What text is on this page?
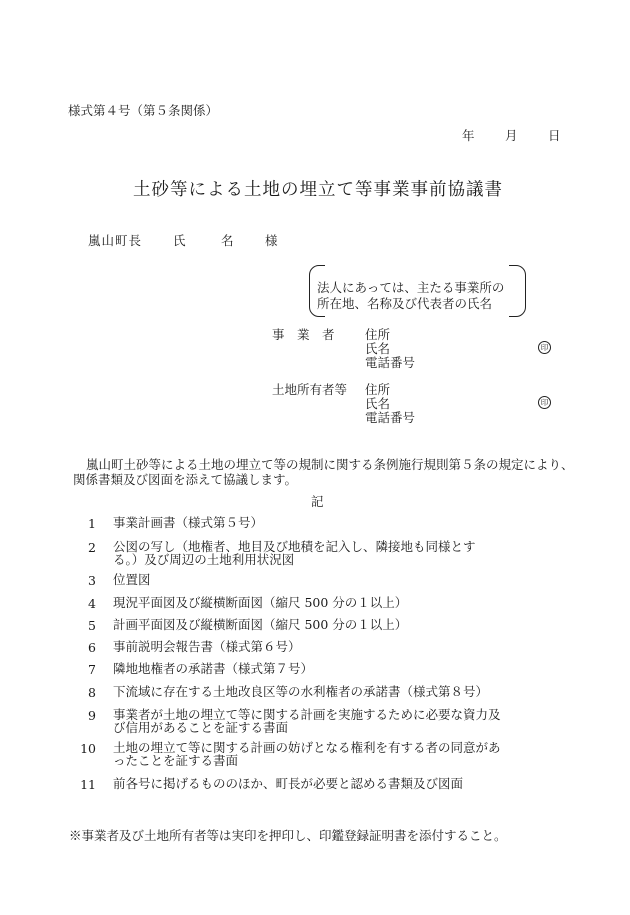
様式第４号（第５条関係）
年 月 日
土砂等による土地の埋立て等事業事前協議書
嵐山町長 氏	名	様
法人にあっては、主たる事業所の
所在地、名称及び代表者の氏名
事　業　者 住所
氏名
電話番号
印
土地所有者等 住所
氏名
電話番号
印
嵐山町土砂等による土地の埋立て等の規制に関する条例施行規則第５条の規定により、
関係書類及び図面を添えて協議します。
記
1 事業計画書（様式第５号）
2 公図の写し（地権者、地目及び地積を記入し、隣接地も同様とす
る。）及び周辺の土地利用状況図
3 位置図
4 現況平面図及び縦横断面図（縮尺 500 分の１以上）
5 計画平面図及び縦横断面図（縮尺 500 分の１以上）
6 事前説明会報告書（様式第６号）
7 隣地地権者の承諾書（様式第７号）
8 下流域に存在する土地改良区等の水利権者の承諾書（様式第８号）
9 事業者が土地の埋立て等に関する計画を実施するために必要な資力及
び信用があることを証する書面
10 土地の埋立て等に関する計画の妨げとなる権利を有する者の同意があ
ったことを証する書面
11 前各号に掲げるもののほか、町長が必要と認める書類及び図面
※事業者及び土地所有者等は実印を押印し、印鑑登録証明書を添付すること。
